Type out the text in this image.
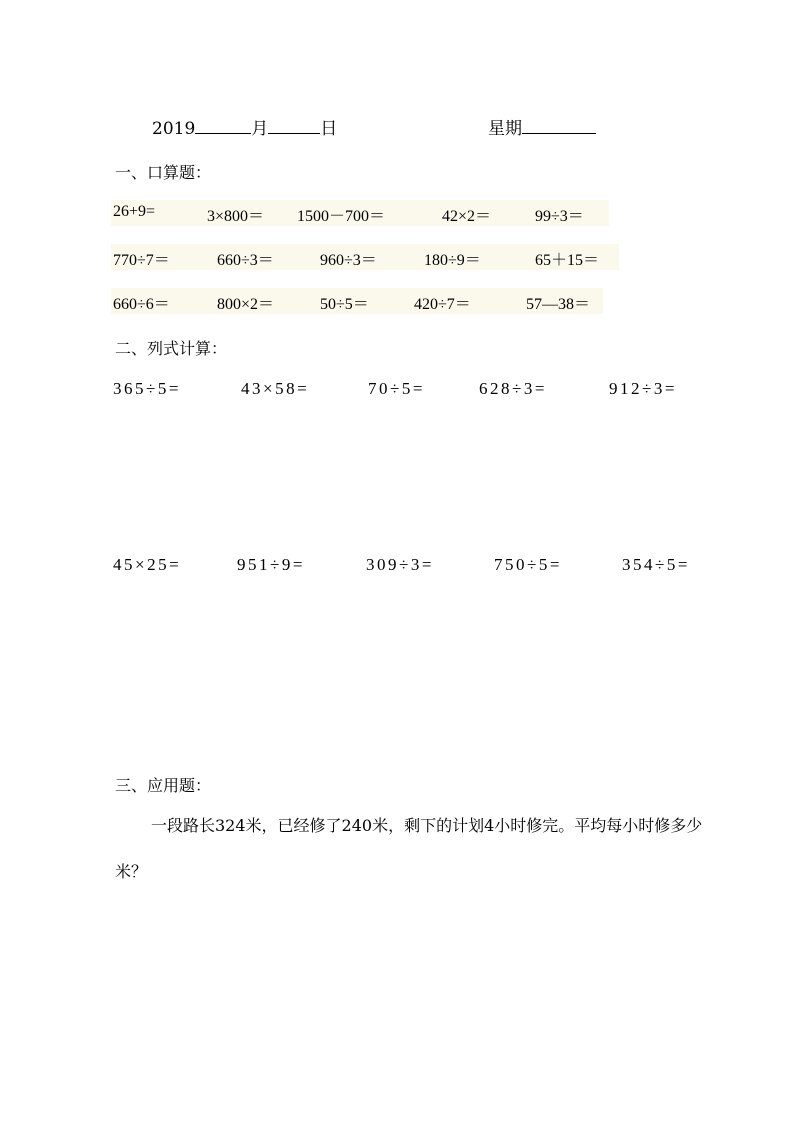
2019	月	日	星期
一、口算题：
26+9=	3×800＝ 1500－700＝	42×2＝	99÷3＝
770÷7＝	660÷3＝	960÷3＝	180÷9＝	65＋15＝
660÷6＝	800×2＝	50÷5＝	420÷7＝	57—38＝
二、列式计算：
365÷5=	43×58=	70÷5=	628÷3=	912÷3=
45×25=	951÷9=	309÷3=	750÷5=	354÷5=
三、应用题：
一段路长324米，已经修了240米，剩下的计划4小时修完。平均每小时修多少米？
